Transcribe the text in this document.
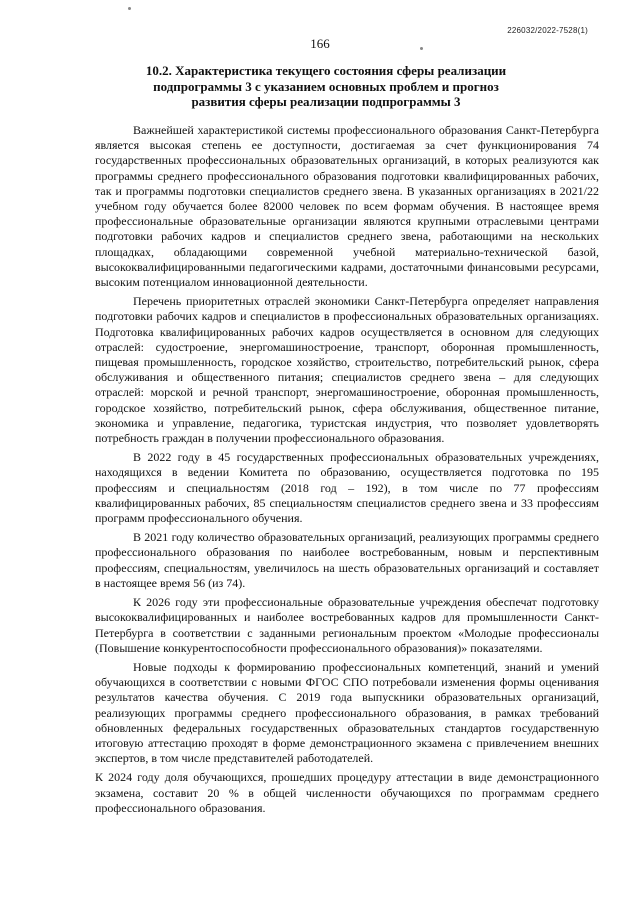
226032/2022-7528(1)
166
10.2. Характеристика текущего состояния сферы реализации подпрограммы 3 с указанием основных проблем и прогноз развития сферы реализации подпрограммы 3

Важнейшей характеристикой системы профессионального образования Санкт-Петербурга является высокая степень ее доступности, достигаемая за счет функционирования 74 государственных профессиональных образовательных организаций, в которых реализуются как программы среднего профессионального образования подготовки квалифицированных рабочих, так и программы подготовки специалистов среднего звена. В указанных организациях в 2021/22 учебном году обучается более 82000 человек по всем формам обучения. В настоящее время профессиональные образовательные организации являются крупными отраслевыми центрами подготовки рабочих кадров и специалистов среднего звена, работающими на нескольких площадках, обладающими современной учебной материально-технической базой, высококвалифицированными педагогическими кадрами, достаточными финансовыми ресурсами, высоким потенциалом инновационной деятельности.

Перечень приоритетных отраслей экономики Санкт-Петербурга определяет направления подготовки рабочих кадров и специалистов в профессиональных образовательных организациях. Подготовка квалифицированных рабочих кадров осуществляется в основном для следующих отраслей: судостроение, энергомашиностроение, транспорт, оборонная промышленность, пищевая промышленность, городское хозяйство, строительство, потребительский рынок, сфера обслуживания и общественного питания; специалистов среднего звена – для следующих отраслей: морской и речной транспорт, энергомашиностроение, оборонная промышленность, городское хозяйство, потребительский рынок, сфера обслуживания, общественное питание, экономика и управление, педагогика, туристская индустрия, что позволяет удовлетворять потребность граждан в получении профессионального образования.

В 2022 году в 45 государственных профессиональных образовательных учреждениях, находящихся в ведении Комитета по образованию, осуществляется подготовка по 195 профессиям и специальностям (2018 год – 192), в том числе по 77 профессиям квалифицированных рабочих, 85 специальностям специалистов среднего звена и 33 профессиям программ профессионального обучения.

В 2021 году количество образовательных организаций, реализующих программы среднего профессионального образования по наиболее востребованным, новым и перспективным профессиям, специальностям, увеличилось на шесть образовательных организаций и составляет в настоящее время 56 (из 74).

К 2026 году эти профессиональные образовательные учреждения обеспечат подготовку высококвалифицированных и наиболее востребованных кадров для промышленности Санкт-Петербурга в соответствии с заданными региональным проектом «Молодые профессионалы (Повышение конкурентоспособности профессионального образования)» показателями.

Новые подходы к формированию профессиональных компетенций, знаний и умений обучающихся в соответствии с новыми ФГОС СПО потребовали изменения формы оценивания результатов качества обучения. С 2019 года выпускники образовательных организаций, реализующих программы среднего профессионального образования, в рамках требований обновленных федеральных государственных образовательных стандартов государственную итоговую аттестацию проходят в форме демонстрационного экзамена с привлечением внешних экспертов, в том числе представителей работодателей.

К 2024 году доля обучающихся, прошедших процедуру аттестации в виде демонстрационного экзамена, составит 20 % в общей численности обучающихся по программам среднего профессионального образования.
